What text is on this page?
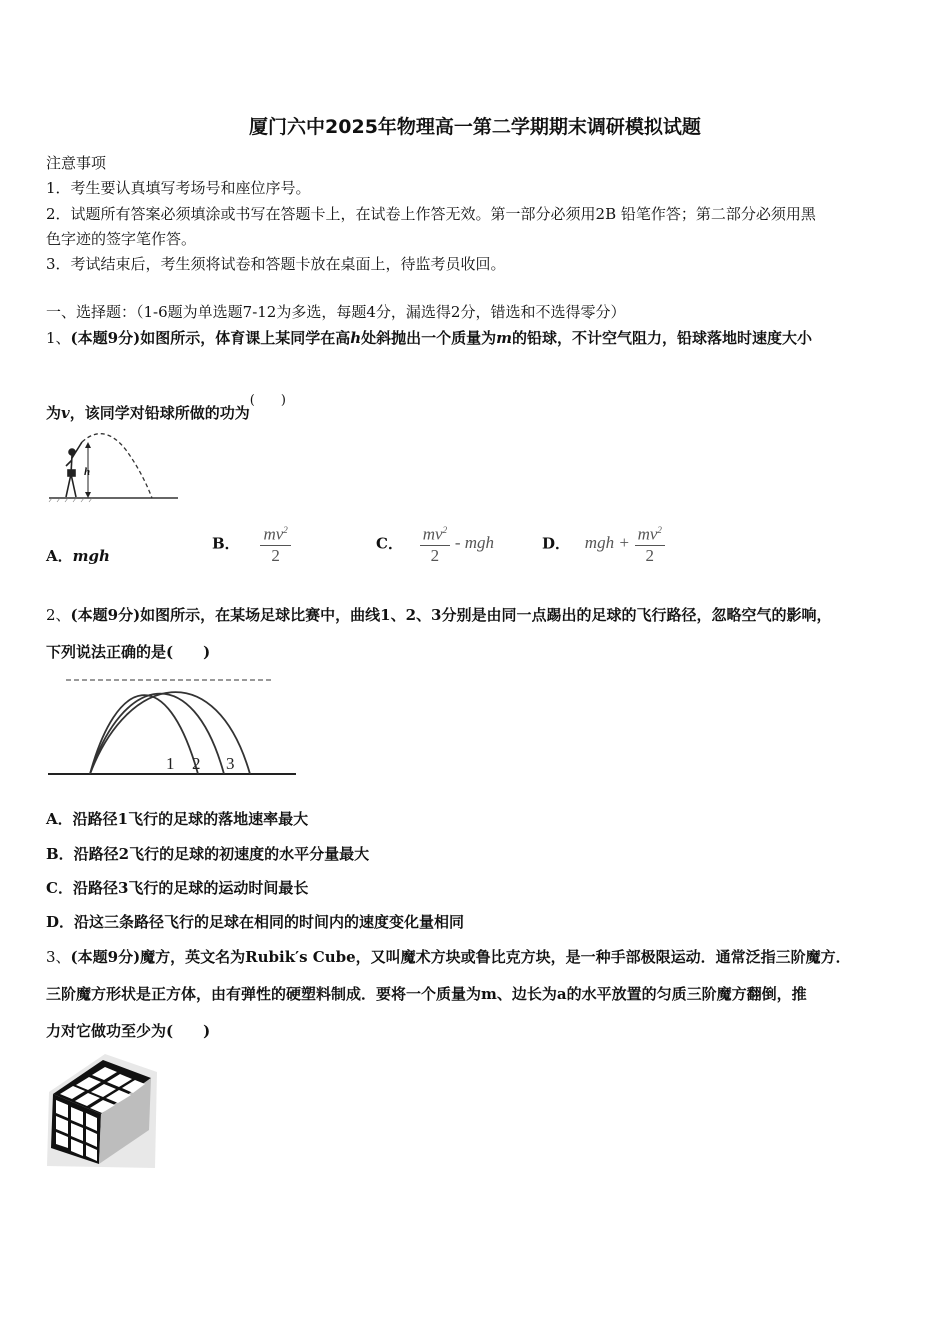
厦门六中2025年物理高一第二学期期末调研模拟试题
注意事项
1．考生要认真填写考场号和座位序号。
2．试题所有答案必须填涂或书写在答题卡上，在试卷上作答无效。第一部分必须用2B 铅笔作答；第二部分必须用黑
色字迹的签字笔作答。
3．考试结束后，考生须将试卷和答题卡放在桌面上，待监考员收回。
一、选择题：（1-6题为单选题7-12为多选，每题4分，漏选得2分，错选和不选得零分）
1、(本题9分)如图所示，体育课上某同学在高h处斜抛出一个质量为m的铅球，不计空气阻力，铅球落地时速度大小
为v，该同学对铅球所做的功为(　　)
h
A．mgh
B． $\frac{mv^2}{2}$	C． $\frac{mv^2}{2}$ - mgh	D． mgh + $\frac{mv^2}{2}$
2、(本题9分)如图所示，在某场足球比赛中，曲线1、2、3分别是由同一点踢出的足球的飞行路径，忽略空气的影响，
下列说法正确的是(　　)
1 2 3
A．沿路径1飞行的足球的落地速率最大
B．沿路径2飞行的足球的初速度的水平分量最大
C．沿路径3飞行的足球的运动时间最长
D．沿这三条路径飞行的足球在相同的时间内的速度变化量相同
3、(本题9分)魔方，英文名为Rubik′s Cube，又叫魔术方块或鲁比克方块，是一种手部极限运动．通常泛指三阶魔方．
三阶魔方形状是正方体，由有弹性的硬塑料制成．要将一个质量为m、边长为a的水平放置的匀质三阶魔方翻倒，推
力对它做功至少为(　　)
